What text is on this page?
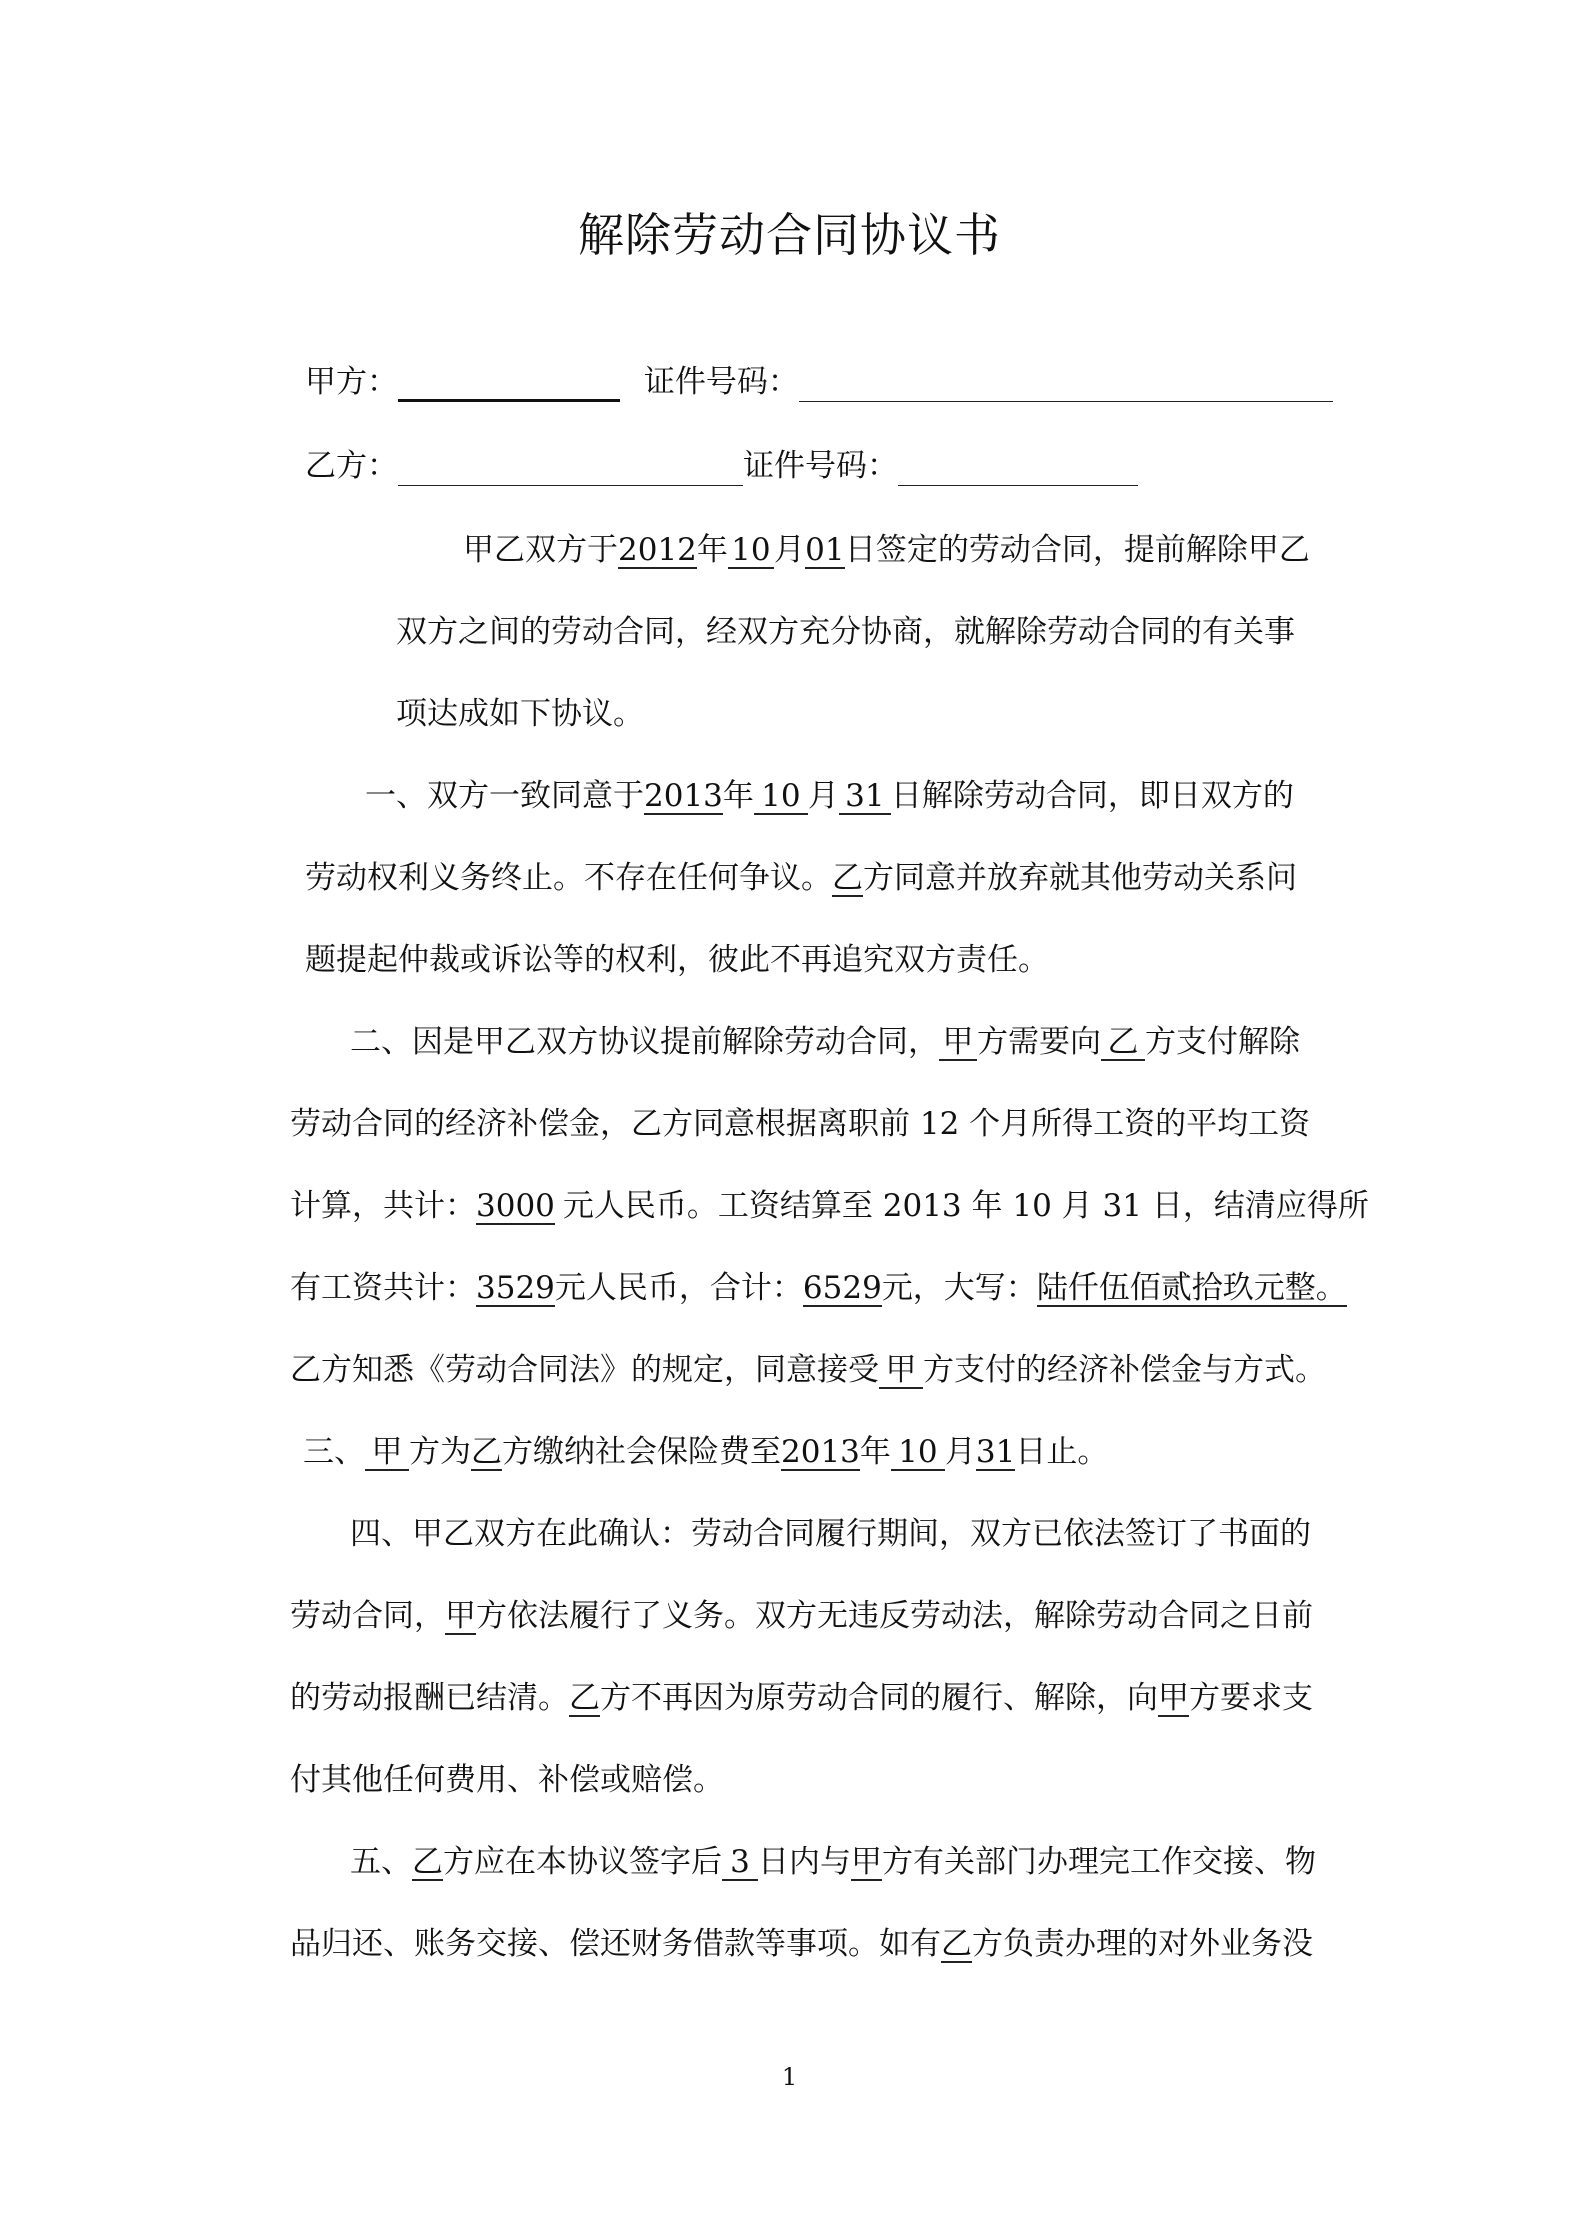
解除劳动合同协议书
甲方：	证件号码：
乙方：	证件号码：
甲乙双方于2012年 10 月01日签定的劳动合同，提前解除甲乙
双方之间的劳动合同，经双方充分协商，就解除劳动合同的有关事
项达成如下协议。
一、双方一致同意于2013年 10 月 31 日解除劳动合同，即日双方的
劳动权利义务终止。不存在任何争议。乙方同意并放弃就其他劳动关系问
题提起仲裁或诉讼等的权利，彼此不再追究双方责任。
二、因是甲乙双方协议提前解除劳动合同， 甲 方需要向 乙 方支付解除
劳动合同的经济补偿金，乙方同意根据离职前 12 个月所得工资的平均工资
计算，共计：3000 元人民币。工资结算至 2013 年 10 月 31 日，结清应得所
有工资共计：3529元人民币，合计：6529元，大写：陆仟伍佰贰拾玖元整。
乙方知悉《劳动合同法》的规定，同意接受 甲 方支付的经济补偿金与方式。
三、 甲 方为乙方缴纳社会保险费至2013年 10 月31日止。
四、甲乙双方在此确认：劳动合同履行期间，双方已依法签订了书面的
劳动合同，甲方依法履行了义务。双方无违反劳动法，解除劳动合同之日前
的劳动报酬已结清。乙方不再因为原劳动合同的履行、解除，向甲方要求支
付其他任何费用、补偿或赔偿。
五、乙方应在本协议签字后 3 日内与甲方有关部门办理完工作交接、物
品归还、账务交接、偿还财务借款等事项。如有乙方负责办理的对外业务没
1
